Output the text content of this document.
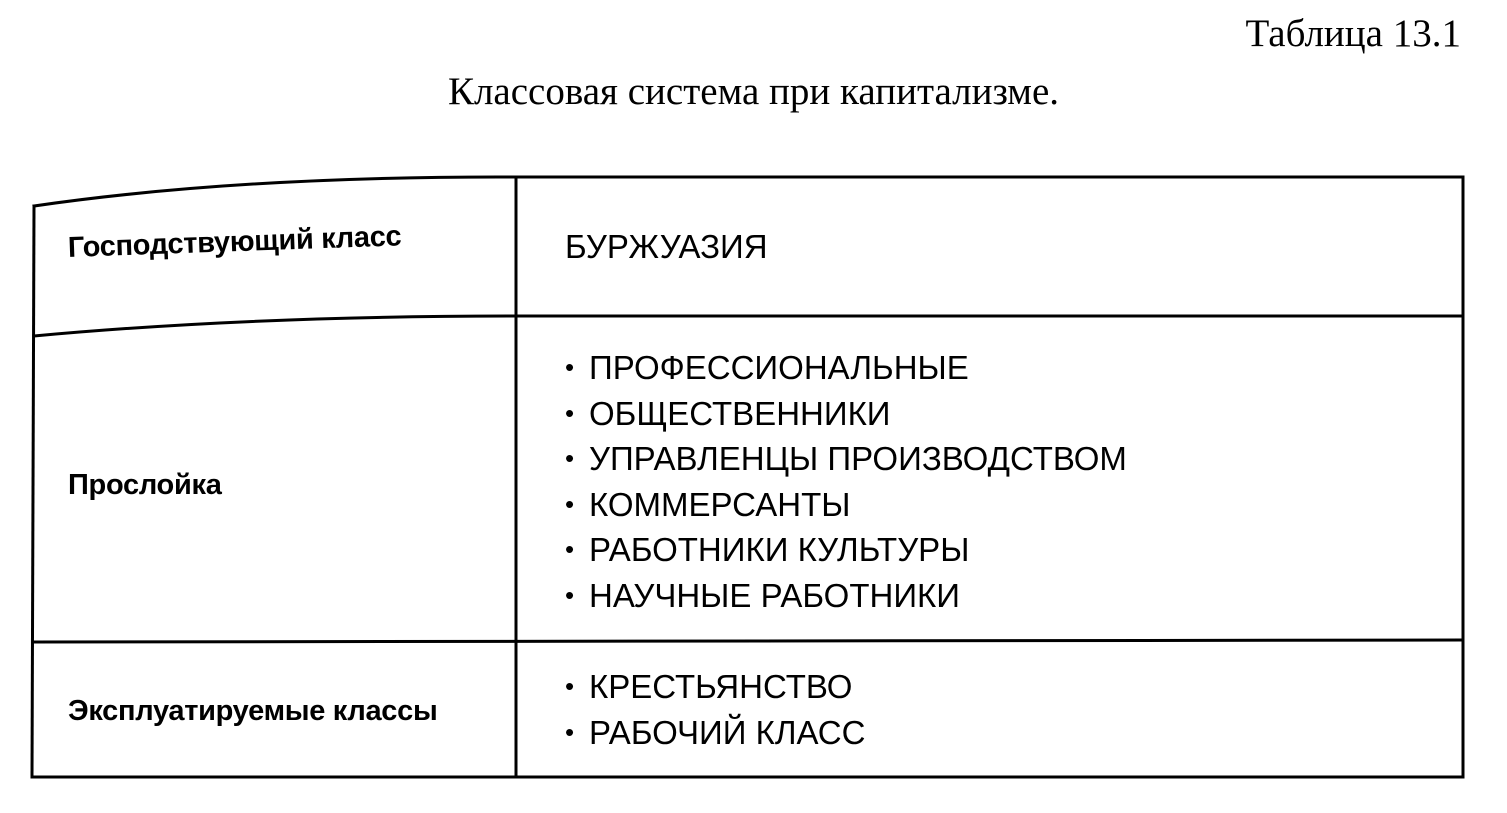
Таблица 13.1
Классовая система при капитализме.
Господствующий класс	БУРЖУАЗИЯ
Прослойка
• ПРОФЕССИОНАЛЬНЫЕ
• ОБЩЕСТВЕННИКИ
• УПРАВЛЕНЦЫ ПРОИЗВОДСТВОМ
• КОММЕРСАНТЫ
• РАБОТНИКИ КУЛЬТУРЫ
• НАУЧНЫЕ РАБОТНИКИ
Эксплуатируемые классы
• КРЕСТЬЯНСТВО
• РАБОЧИЙ КЛАСС
